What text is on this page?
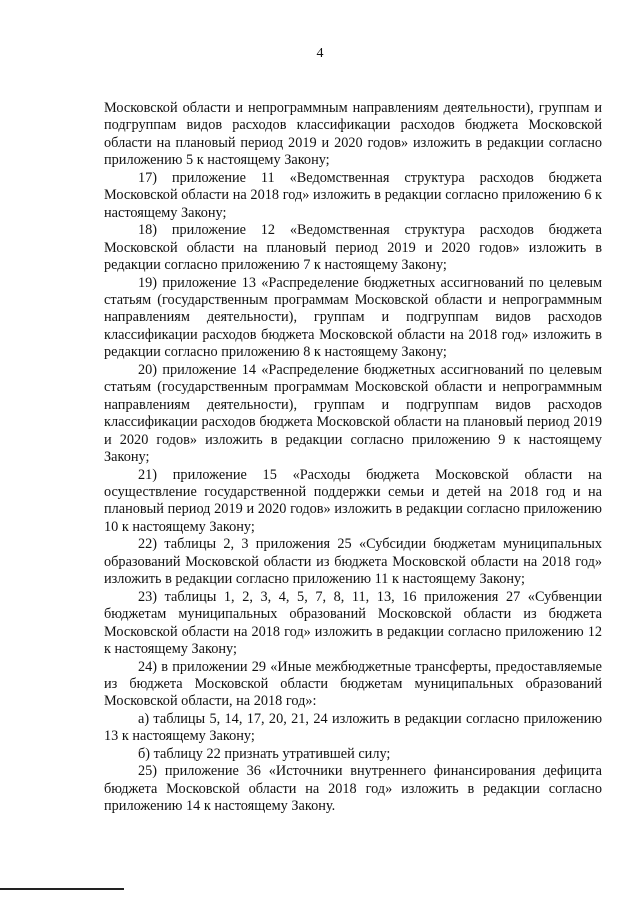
4

Московской области и непрограммным направлениям деятельности), группам и подгруппам видов расходов классификации расходов бюджета Московской области на плановый период 2019 и 2020 годов» изложить в редакции согласно приложению 5 к настоящему Закону;

17) приложение 11 «Ведомственная структура расходов бюджета Московской области на 2018 год» изложить в редакции согласно приложению 6 к настоящему Закону;

18) приложение 12 «Ведомственная структура расходов бюджета Московской области на плановый период 2019 и 2020 годов» изложить в редакции согласно приложению 7 к настоящему Закону;

19) приложение 13 «Распределение бюджетных ассигнований по целевым статьям (государственным программам Московской области и непрограммным направлениям деятельности), группам и подгруппам видов расходов классификации расходов бюджета Московской области на 2018 год» изложить в редакции согласно приложению 8 к настоящему Закону;

20) приложение 14 «Распределение бюджетных ассигнований по целевым статьям (государственным программам Московской области и непрограммным направлениям деятельности), группам и подгруппам видов расходов классификации расходов бюджета Московской области на плановый период 2019 и 2020 годов» изложить в редакции согласно приложению 9 к настоящему Закону;

21) приложение 15 «Расходы бюджета Московской области на осуществление государственной поддержки семьи и детей на 2018 год и на плановый период 2019 и 2020 годов» изложить в редакции согласно приложению 10 к настоящему Закону;

22) таблицы 2, 3 приложения 25 «Субсидии бюджетам муниципальных образований Московской области из бюджета Московской области на 2018 год» изложить в редакции согласно приложению 11 к настоящему Закону;

23) таблицы 1, 2, 3, 4, 5, 7, 8, 11, 13, 16 приложения 27 «Субвенции бюджетам муниципальных образований Московской области из бюджета Московской области на 2018 год» изложить в редакции согласно приложению 12 к настоящему Закону;

24) в приложении 29 «Иные межбюджетные трансферты, предоставляемые из бюджета Московской области бюджетам муниципальных образований Московской области, на 2018 год»:

а) таблицы 5, 14, 17, 20, 21, 24 изложить в редакции согласно приложению 13 к настоящему Закону;

б) таблицу 22 признать утратившей силу;

25) приложение 36 «Источники внутреннего финансирования дефицита бюджета Московской области на 2018 год» изложить в редакции согласно приложению 14 к настоящему Закону.
